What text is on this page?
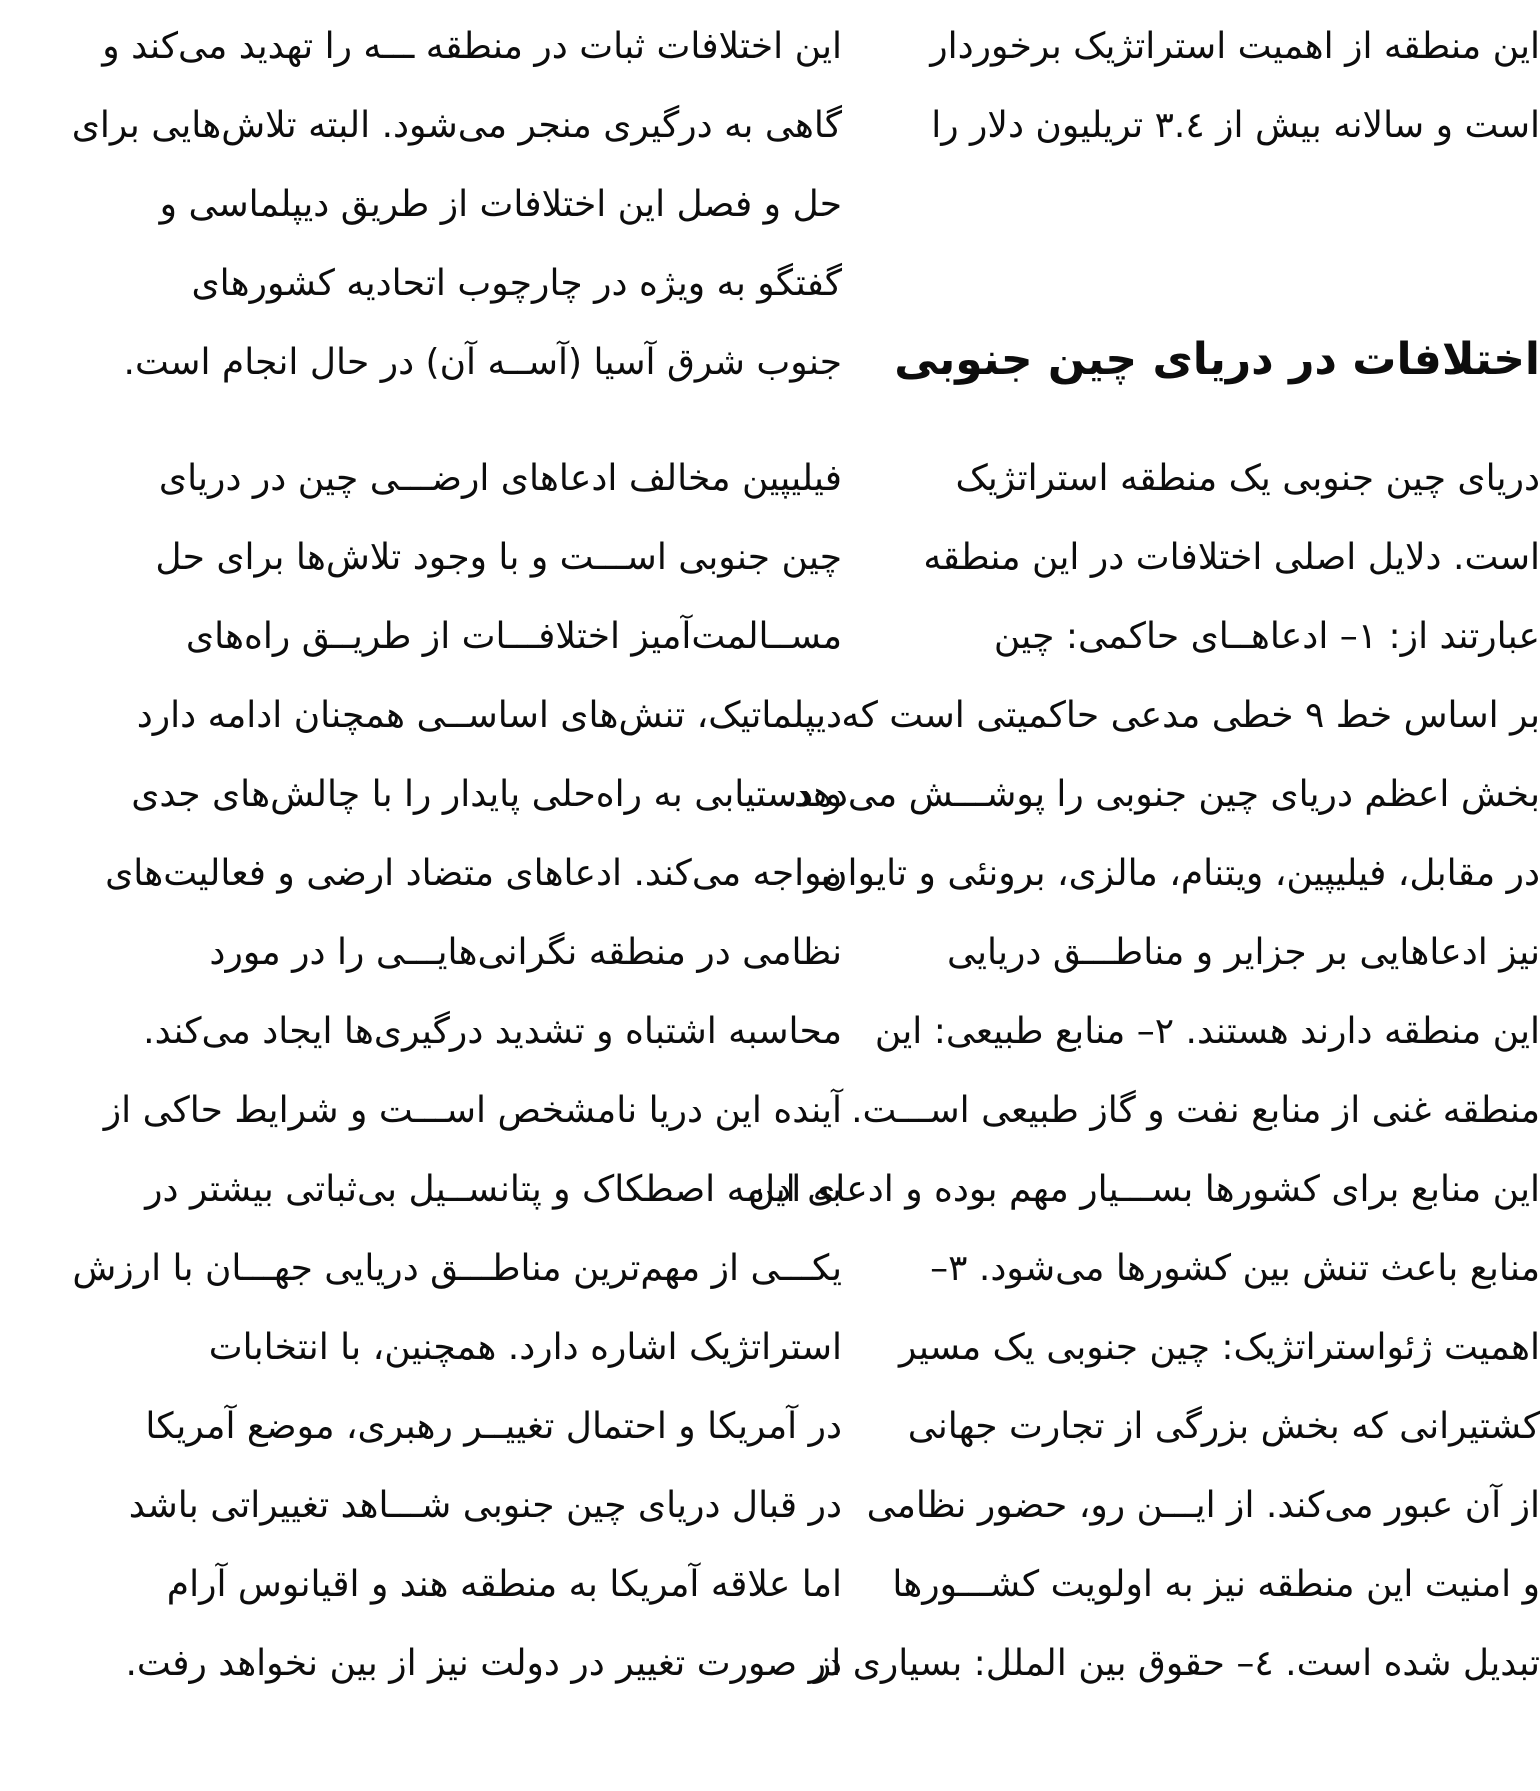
این اختلافات ثبات در منطقه ـــه را تهدید می‌کند و
گاهی به درگیری منجر می‌شود. البته تلاش‌هایی برای
حل و فصل این اختلافات از طریق دیپلماسی و
گفتگو به ویژه در چارچوب اتحادیه کشورهای
جنوب شرق آسیا (آســه آن) در حال انجام است.
فیلیپین مخالف ادعاهای ارضـــی چین در دریای
چین جنوبی اســـت و با وجود تلاش‌ها برای حل
مســالمت‌آمیز اختلافـــات از طریــق راه‌های
دیپلماتیک، تنش‌های اساســی همچنان ادامه دارد
و دستیابی به راه‌حلی پایدار را با چالش‌های جدی
مواجه می‌کند. ادعاهای متضاد ارضی و فعالیت‌های
نظامی در منطقه نگرانی‌هایـــی را در مورد
محاسبه اشتباه و تشدید درگیری‌ها ایجاد می‌کند.
آینده این دریا نامشخص اســـت و شرایط حاکی از
به ادامه اصطکاک و پتانســیل بی‌ثباتی بیشتر در
یکـــی از مهم‌ترین مناطـــق دریایی جهـــان با ارزش
استراتژیک اشاره دارد. همچنین، با انتخابات
در آمریکا و احتمال تغییــر رهبری، موضع آمریکا
در قبال دریای چین جنوبی شـــاهد تغییراتی باشد
اما علاقه آمریکا به منطقه هند و اقیانوس آرام
در صورت تغییر در دولت نیز از بین نخواهد رفت.
این منطقه از اهمیت استراتژیک برخوردار
است و سالانه بیش از ۳.٤ تریلیون دلار را
اختلافات در دریای چین جنوبی
دریای چین جنوبی یک منطقه استراتژیک
است. دلایل اصلی اختلافات در این منطقه
عبارتند از: ١– ادعاهــای حاکمی: چین
بر اساس خط ٩ خطی مدعی حاکمیتی است که
بخش اعظم دریای چین جنوبی را پوشـــش می‌دهد.
در مقابل، فیلیپین، ویتنام، مالزی، برونئی و تایوان
نیز ادعاهایی بر جزایر و مناطـــق دریایی
این منطقه دارند هستند. ٢– منابع طبیعی: این
منطقه غنی از منابع نفت و گاز طبیعی اســـت.
این منابع برای کشورها بســـیار مهم بوده و ادعای این
منابع باعث تنش بین کشورها می‌شود. ٣–
اهمیت ژئواستراتژیک: چین جنوبی یک مسیر
کشتیرانی که بخش بزرگی از تجارت جهانی
از آن عبور می‌کند. از ایـــن رو، حضور نظامی
و امنیت این منطقه نیز به اولویت کشـــورها
تبدیل شده است. ٤– حقوق بین الملل: بسیاری از
